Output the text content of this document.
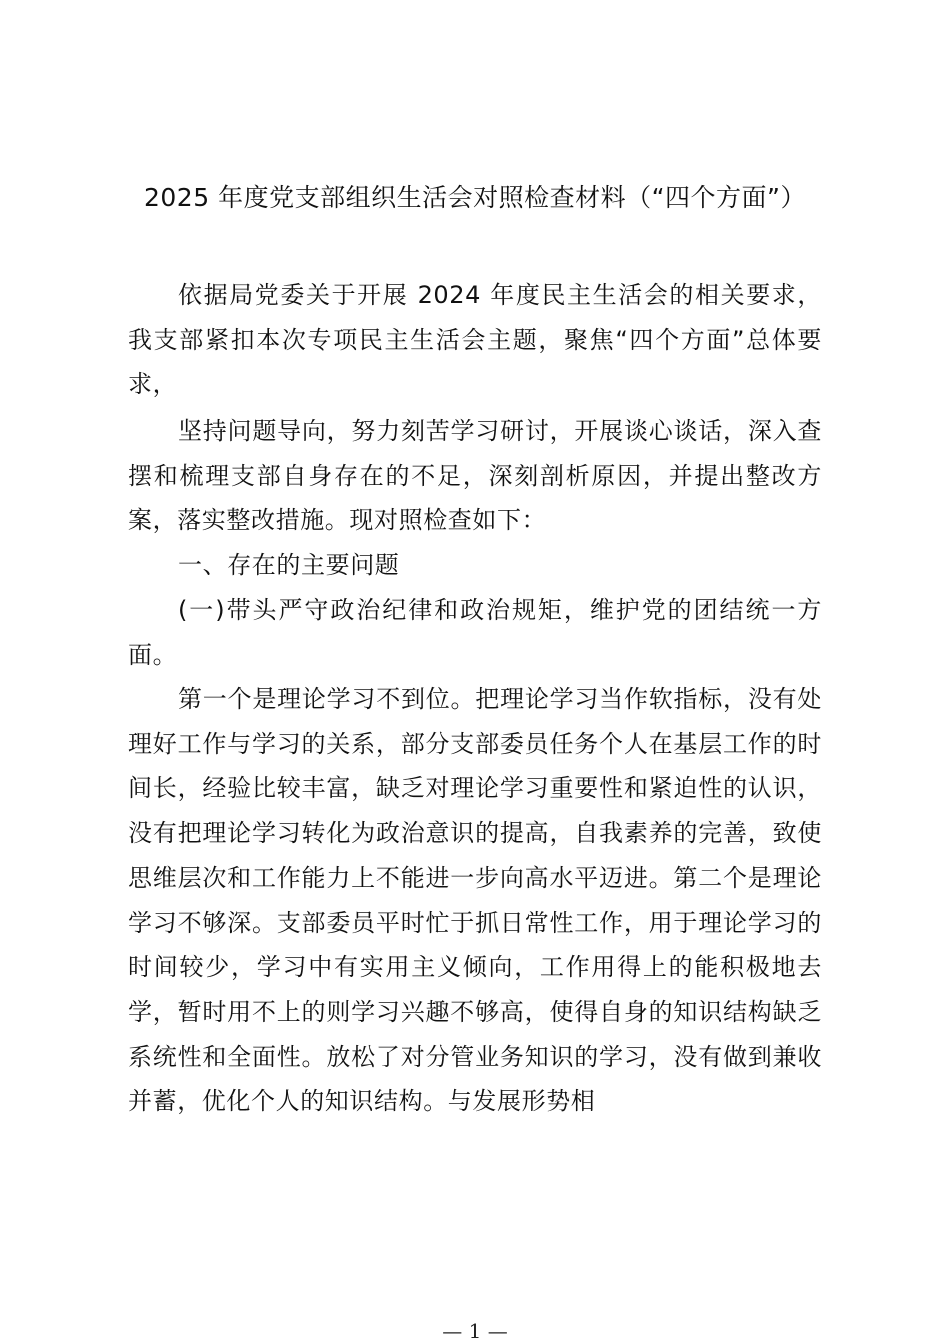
2025 年度党支部组织生活会对照检查材料（“四个方面”）

依据局党委关于开展 2024 年度民主生活会的相关要求，我支部紧扣本次专项民主生活会主题，聚焦“四个方面”总体要求，

坚持问题导向，努力刻苦学习研讨，开展谈心谈话，深入查摆和梳理支部自身存在的不足，深刻剖析原因，并提出整改方案，落实整改措施。现对照检查如下：

一、存在的主要问题

(一)带头严守政治纪律和政治规矩，维护党的团结统一方面。

第一个是理论学习不到位。把理论学习当作软指标，没有处理好工作与学习的关系，部分支部委员任务个人在基层工作的时间长，经验比较丰富，缺乏对理论学习重要性和紧迫性的认识，没有把理论学习转化为政治意识的提高，自我素养的完善，致使思维层次和工作能力上不能进一步向高水平迈进。第二个是理论学习不够深。支部委员平时忙于抓日常性工作，用于理论学习的时间较少，学习中有实用主义倾向，工作用得上的能积极地去学，暂时用不上的则学习兴趣不够高，使得自身的知识结构缺乏系统性和全面性。放松了对分管业务知识的学习，没有做到兼收并蓄，优化个人的知识结构。与发展形势相

— 1 —
